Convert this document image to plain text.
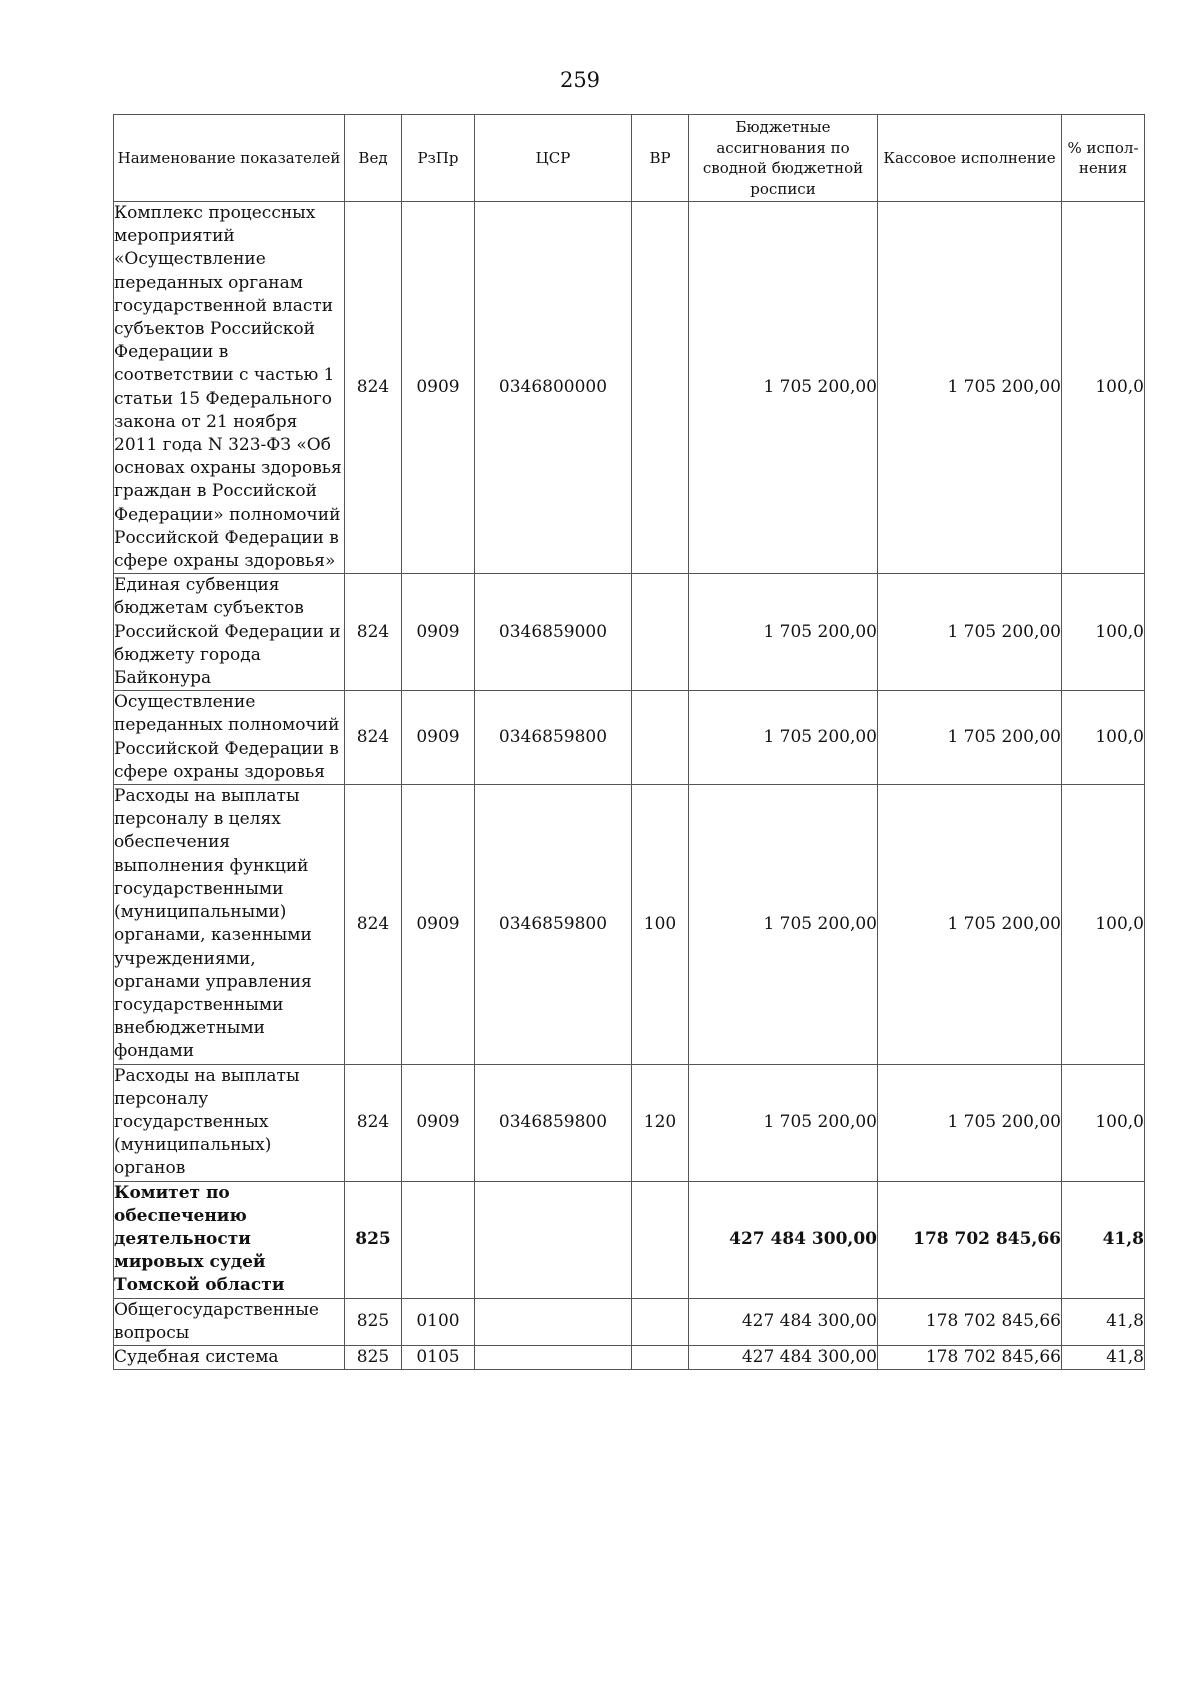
259
Наименование показателей	Вед	РзПр	ЦСР	ВР	Бюджетные ассигнования по сводной бюджетной росписи	Кассовое исполнение	% испол-нения
Комплекс процессных мероприятий «Осуществление переданных органам государственной власти субъектов Российской Федерации в соответствии с частью 1 статьи 15 Федерального закона от 21 ноября 2011 года N 323-ФЗ «Об основах охраны здоровья граждан в Российской Федерации» полномочий Российской Федерации в сфере охраны здоровья»	824	0909	0346800000		1 705 200,00	1 705 200,00	100,0
Единая субвенция бюджетам субъектов Российской Федерации и бюджету города Байконура	824	0909	0346859000		1 705 200,00	1 705 200,00	100,0
Осуществление переданных полномочий Российской Федерации в сфере охраны здоровья	824	0909	0346859800		1 705 200,00	1 705 200,00	100,0
Расходы на выплаты персоналу в целях обеспечения выполнения функций государственными (муниципальными) органами, казенными учреждениями, органами управления государственными внебюджетными фондами	824	0909	0346859800	100	1 705 200,00	1 705 200,00	100,0
Расходы на выплаты персоналу государственных (муниципальных) органов	824	0909	0346859800	120	1 705 200,00	1 705 200,00	100,0
Комитет по обеспечению деятельности мировых судей Томской области	825				427 484 300,00	178 702 845,66	41,8
Общегосударственные вопросы	825	0100			427 484 300,00	178 702 845,66	41,8
Судебная система	825	0105			427 484 300,00	178 702 845,66	41,8
